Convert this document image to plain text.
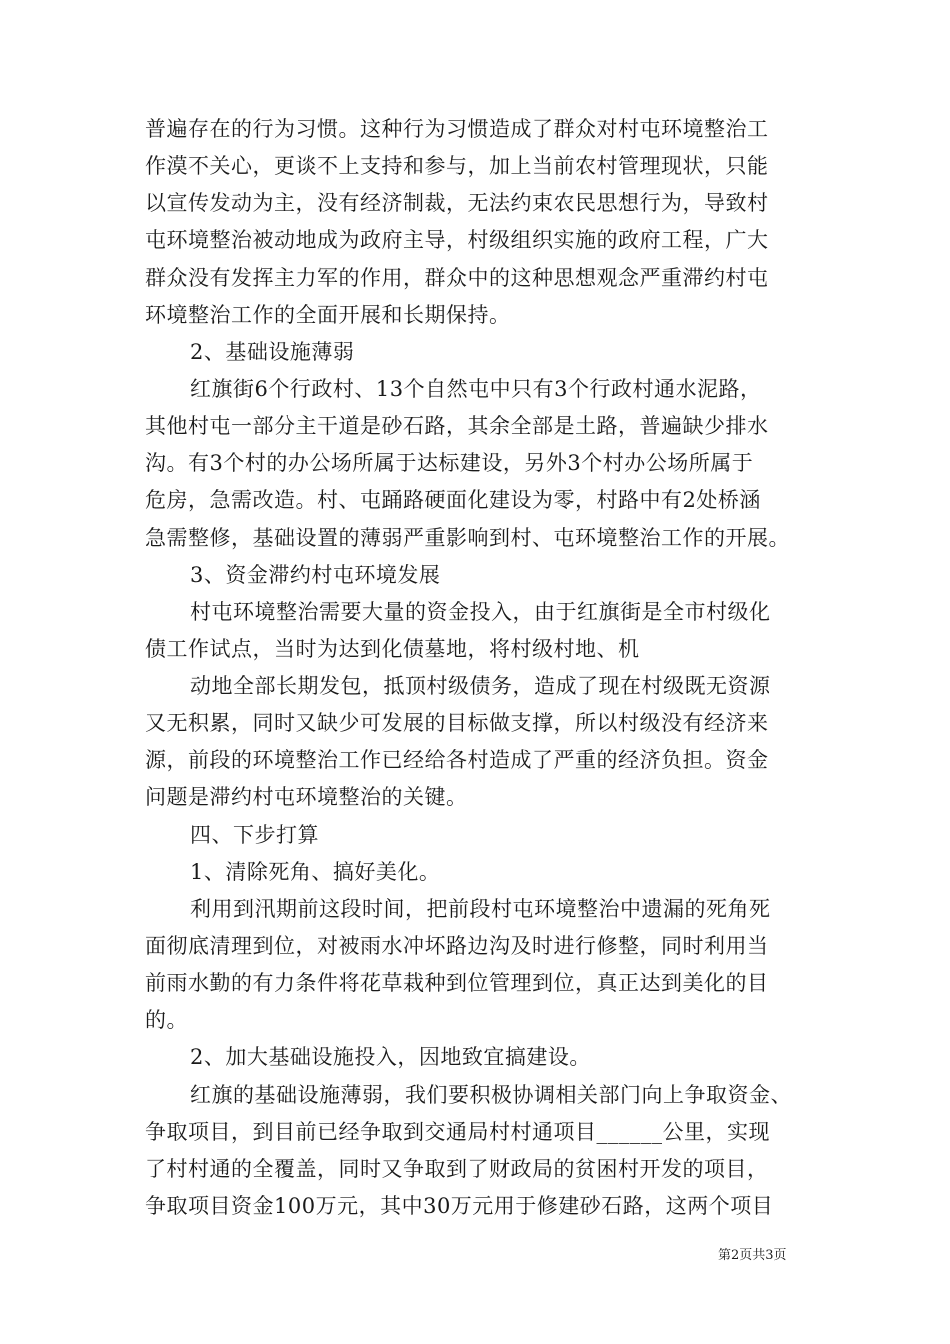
普遍存在的行为习惯。这种行为习惯造成了群众对村屯环境整治工
作漠不关心，更谈不上支持和参与，加上当前农村管理现状，只能
以宣传发动为主，没有经济制裁，无法约束农民思想行为，导致村
屯环境整治被动地成为政府主导，村级组织实施的政府工程，广大
群众没有发挥主力军的作用，群众中的这种思想观念严重滞约村屯
环境整治工作的全面开展和长期保持。
2、基础设施薄弱
红旗街6个行政村、13个自然屯中只有3个行政村通水泥路，
其他村屯一部分主干道是砂石路，其余全部是土路，普遍缺少排水
沟。有3个村的办公场所属于达标建设，另外3个村办公场所属于
危房，急需改造。村、屯踊路硬面化建设为零，村路中有2处桥涵
急需整修，基础设置的薄弱严重影响到村、屯环境整治工作的开展。
3、资金滞约村屯环境发展
村屯环境整治需要大量的资金投入，由于红旗街是全市村级化
债工作试点，当时为达到化债墓地，将村级村地、机
动地全部长期发包，抵顶村级债务，造成了现在村级既无资源
又无积累，同时又缺少可发展的目标做支撑，所以村级没有经济来
源，前段的环境整治工作已经给各村造成了严重的经济负担。资金
问题是滞约村屯环境整治的关键。
四、下步打算
1、清除死角、搞好美化。
利用到汛期前这段时间，把前段村屯环境整治中遗漏的死角死
面彻底清理到位，对被雨水冲坏路边沟及时进行修整，同时利用当
前雨水勤的有力条件将花草栽种到位管理到位，真正达到美化的目
的。
2、加大基础设施投入，因地致宜搞建设。
红旗的基础设施薄弱，我们要积极协调相关部门向上争取资金、
争取项目，到目前已经争取到交通局村村通项目______公里，实现
了村村通的全覆盖，同时又争取到了财政局的贫困村开发的项目，
争取项目资金100万元，其中30万元用于修建砂石路，这两个项目
第2页共3页
